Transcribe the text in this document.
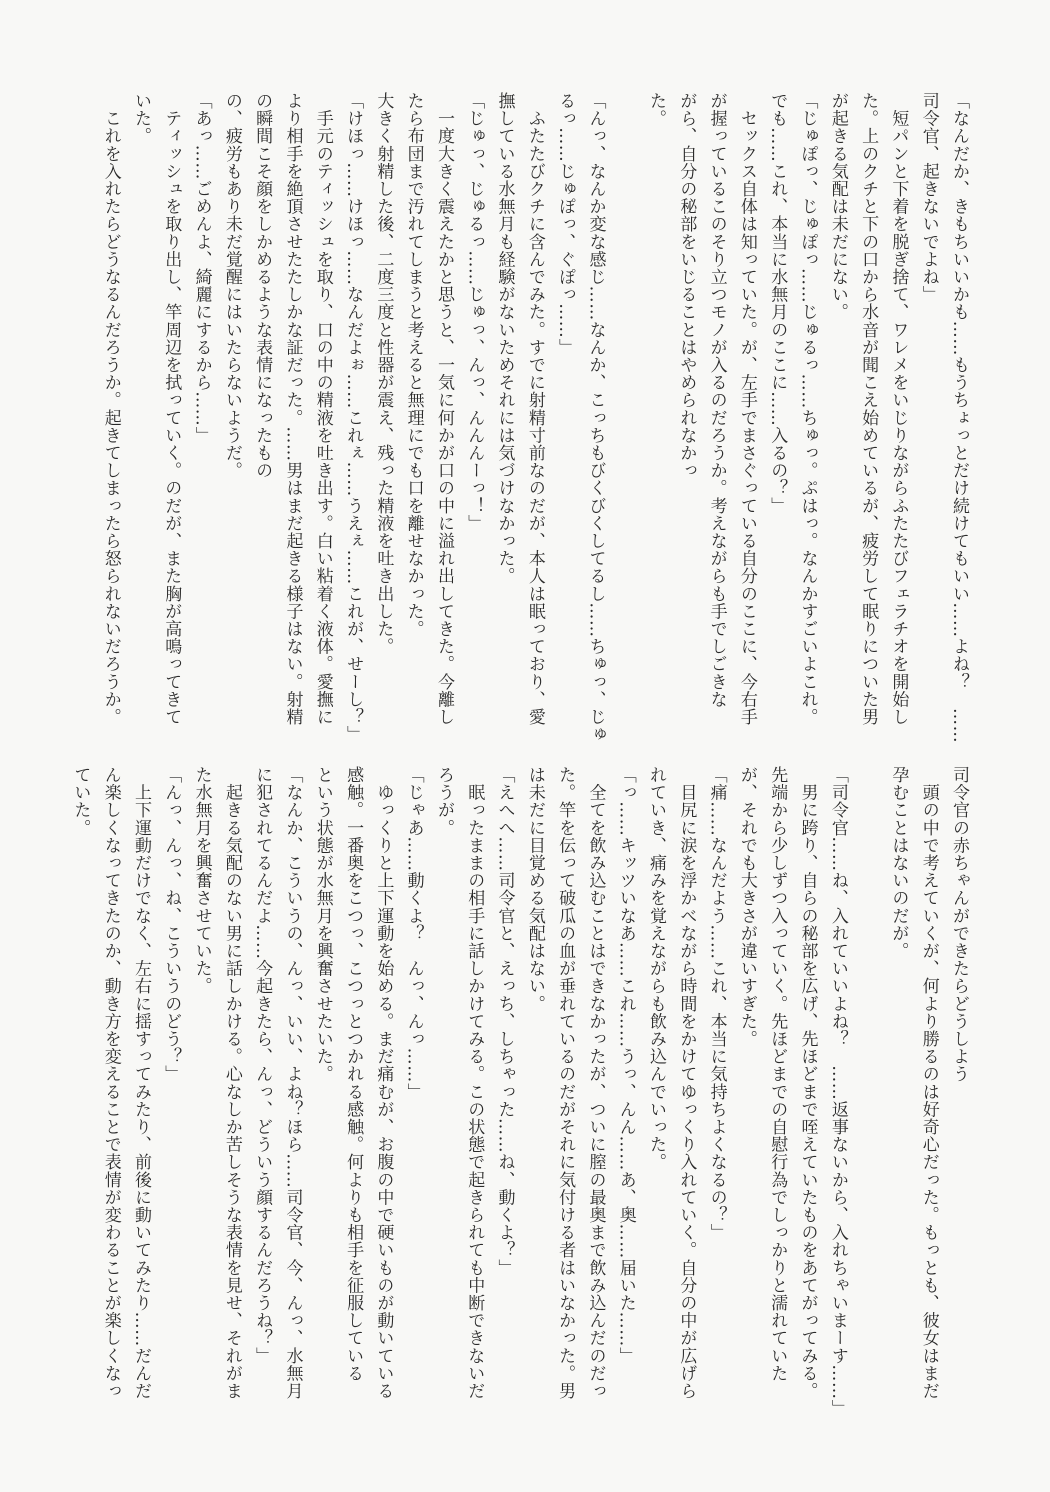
「なんだか、きもちいいかも……もうちょっとだけ続けてもいい……よね？　……
司令官、起きないでよね」
　短パンと下着を脱ぎ捨て、ワレメをいじりながらふたたびフェラチオを開始し
た。上のクチと下の口から水音が聞こえ始めているが、疲労して眠りについた男
が起きる気配は未だにない。
「じゅぽっ、じゅぽっ……じゅるっ……ちゅっ。ぷはっ。なんかすごいよこれ。
でも……これ、本当に水無月のここに……入るの？」
　セックス自体は知っていた。が、左手でまさぐっている自分のここに、今右手
が握っているこのそり立つモノが入るのだろうか。考えながらも手でしごきな
がら、自分の秘部をいじることはやめられなかっ
た。

「んっ、なんか変な感じ……なんか、こっちもびくびくしてるし……ちゅっ、じゅ
るっ……じゅぽっ、ぐぽっ……」
　ふたたびクチに含んでみた。すでに射精寸前なのだが、本人は眠っており、愛
撫している水無月も経験がないためそれには気づけなかった。
「じゅっ、じゅるっ……じゅっ、んっ、んんんーっ！」
　一度大きく震えたかと思うと、一気に何かが口の中に溢れ出してきた。今離し
たら布団まで汚れてしまうと考えると無理にでも口を離せなかった。
大きく射精した後、二度三度と性器が震え、残った精液を吐き出した。
「けほっ……けほっ……なんだよぉ……これぇ……うえぇ……これが、せーし？」
　手元のティッシュを取り、口の中の精液を吐き出す。白い粘着く液体。愛撫に
より相手を絶頂させたたしかな証だった。……男はまだ起きる様子はない。射精
の瞬間こそ顔をしかめるような表情になったもの
の、疲労もあり未だ覚醒にはいたらないようだ。
「あっ……ごめんよ、綺麗にするから……」
　ティッシュを取り出し、竿周辺を拭っていく。のだが、また胸が高鳴ってきて
いた。
　これを入れたらどうなるんだろうか。起きてしまったら怒られないだろうか。
司令官の赤ちゃんができたらどうしよう
　頭の中で考えていくが、何より勝るのは好奇心だった。もっとも、彼女はまだ
孕むことはないのだが。

「司令官……ね、入れていいよね？　……返事ないから、入れちゃいまーす……」
　男に跨り、自らの秘部を広げ、先ほどまで咥えていたものをあてがってみる。
先端から少しずつ入っていく。先ほどまでの自慰行為でしっかりと濡れていた
が、それでも大きさが違いすぎた。
「痛……なんだよう……これ、本当に気持ちよくなるの？」
　目尻に涙を浮かべながら時間をかけてゆっくり入れていく。自分の中が広げら
れていき、痛みを覚えながらも飲み込んでいった。
「っ……キッツいなあ……これ……うっ、んん……あ、奥……届いた……」
　全てを飲み込むことはできなかったが、ついに膣の最奥まで飲み込んだのだっ
た。竿を伝って破瓜の血が垂れているのだがそれに気付ける者はいなかった。男
は未だに目覚める気配はない。
「えへへ……司令官と、えっち、しちゃった……ね、動くよ？」
　眠ったままの相手に話しかけてみる。この状態で起きられても中断できないだ
ろうが。
「じゃあ……動くよ？　んっ、んっ……」
　ゆっくりと上下運動を始める。まだ痛むが、お腹の中で硬いものが動いている
感触。一番奥をこつっ、こつっとつかれる感触。何よりも相手を征服している
という状態が水無月を興奮させたいた。
「なんか、こういうの、んっ、いい、よね？ほら……司令官、今、んっ、水無月
に犯されてるんだよ……今起きたら、んっ、どういう顔するんだろうね？」
　起きる気配のない男に話しかける。心なしか苦しそうな表情を見せ、それがま
た水無月を興奮させていた。
「んっ、んっ、ね、こういうのどう？」
　上下運動だけでなく、左右に揺すってみたり、前後に動いてみたり……だんだ
ん楽しくなってきたのか、動き方を変えることで表情が変わることが楽しくなっ
ていた。
